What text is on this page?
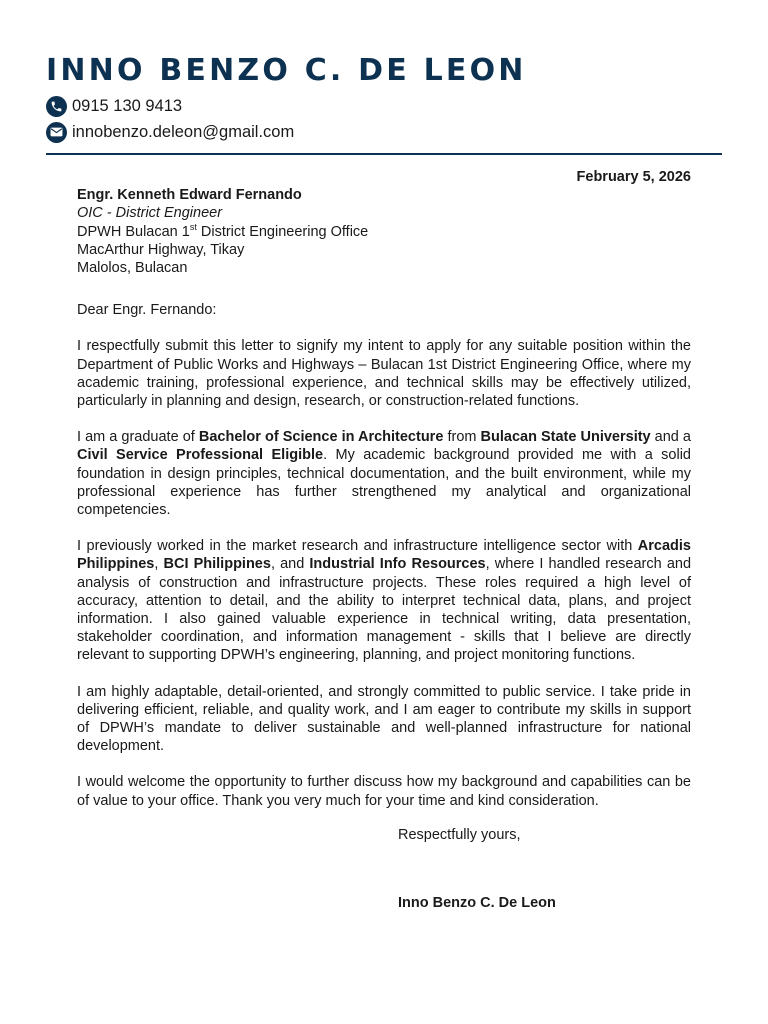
INNO BENZO C. DE LEON
0915 130 9413
innobenzo.deleon@gmail.com

February 5, 2026

Engr. Kenneth Edward Fernando
OIC - District Engineer
DPWH Bulacan 1st District Engineering Office
MacArthur Highway, Tikay
Malolos, Bulacan

Dear Engr. Fernando:

I respectfully submit this letter to signify my intent to apply for any suitable position within the Department of Public Works and Highways – Bulacan 1st District Engineering Office, where my academic training, professional experience, and technical skills may be effectively utilized, particularly in planning and design, research, or construction-related functions.

I am a graduate of Bachelor of Science in Architecture from Bulacan State University and a Civil Service Professional Eligible. My academic background provided me with a solid foundation in design principles, technical documentation, and the built environment, while my professional experience has further strengthened my analytical and organizational competencies.

I previously worked in the market research and infrastructure intelligence sector with Arcadis Philippines, BCI Philippines, and Industrial Info Resources, where I handled research and analysis of construction and infrastructure projects. These roles required a high level of accuracy, attention to detail, and the ability to interpret technical data, plans, and project information. I also gained valuable experience in technical writing, data presentation, stakeholder coordination, and information management - skills that I believe are directly relevant to supporting DPWH’s engineering, planning, and project monitoring functions.

I am highly adaptable, detail-oriented, and strongly committed to public service. I take pride in delivering efficient, reliable, and quality work, and I am eager to contribute my skills in support of DPWH’s mandate to deliver sustainable and well-planned infrastructure for national development.

I would welcome the opportunity to further discuss how my background and capabilities can be of value to your office. Thank you very much for your time and kind consideration.

Respectfully yours,

Inno Benzo C. De Leon
